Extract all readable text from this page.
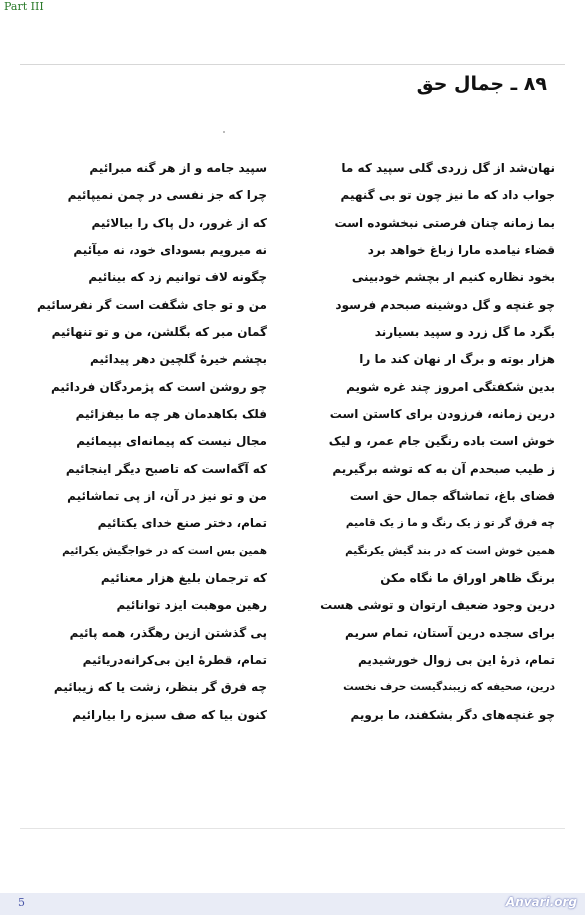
Part III
۸۹ ـ جمال حق
نهان‌شد از گل زردی گلی سپید که ما
جواب داد که ما نیز چون تو بی گنهیم
بما زمانه چنان فرصتی نبخشوده است
قضاء نیامده مارا زباغ خواهد برد
بخود نظاره کنیم ار بچشم خودبینی
چو غنچه و گل دوشینه صبحدم فرسود
بگرد ما گل زرد و سپید بسیارند
هزار بوته و برگ ار نهان کند ما را
بدین شکفتگی امروز چند غره شویم
درین زمانه، فرزودن برای کاستن است
خوش است باده رنگین جام عمر، و لیک
ز طیب صبحدم آن به که توشه برگیریم
فضای باغ، تماشاگه جمال حق است
چه فرق گر تو ز یک رنگ و ما ز یک قامیم
همین خوش است که در بند گیش یکرنگیم
برنگ ظاهر اوراق ما نگاه مکن
درین وجود ضعیف ارتوان و توشی هست
برای سجده درین آستان، تمام سریم
تمام، ذرهٔ این بی زوال خورشیدیم
درین، صحیفه که زیبندگیست حرف نخست
چو غنچه‌های دگر بشکفند، ما برویم
سپید جامه و از هر گنه مبرائیم
چرا که جز نفسی در چمن نمیپائیم
که از غرور، دل پاک را بیالائیم
نه میرویم بسودای خود، نه میآئیم
چگونه لاف توانیم زد که بینائیم
من و تو جای شگفت است گر نفرسائیم
گمان مبر که بگلشن، من و تو تنهائیم
بچشم خیرهٔ گلچین دهر پیدائیم
چو روشن است که پژمردگان فردائیم
فلک بکاهدمان هر چه ما بیفزائیم
مجال نیست که پیمانه‌ای بپیمائیم
که آگه‌است که تاصبح دیگر اینجائیم
من و تو نیز در آن، از پی تماشائیم
تمام، دختر صنع خدای یکتائیم
همین بس است که در خواجگیش یکرائیم
که ترجمان بلیغ هزار معنائیم
رهین موهبت ایزد توانائیم
پی گذشتن ازین رهگذر، همه پائیم
تمام، قطرهٔ این بی‌کرانه‌دریائیم
چه فرق گر بنظر، زشت یا که زیبائیم
کنون بیا که صف سبزه را بیارائیم
5	Anvari.org
